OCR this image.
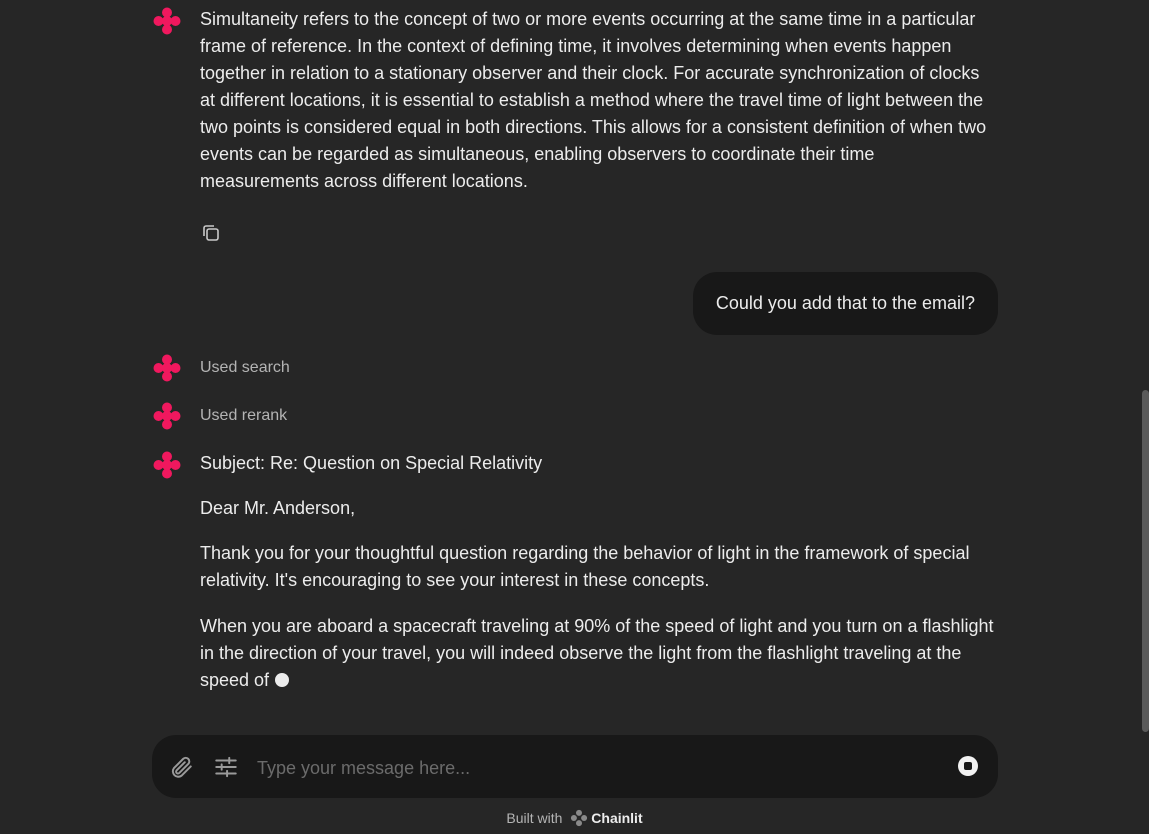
Simultaneity refers to the concept of two or more events occurring at the same time in a particular frame of reference. In the context of defining time, it involves determining when events happen together in relation to a stationary observer and their clock. For accurate synchronization of clocks at different locations, it is essential to establish a method where the travel time of light between the two points is considered equal in both directions. This allows for a consistent definition of when two events can be regarded as simultaneous, enabling observers to coordinate their time measurements across different locations.
Could you add that to the email?
Used search
Used rerank

Subject: Re: Question on Special Relativity

Dear Mr. Anderson,

Thank you for your thoughtful question regarding the behavior of light in the framework of special relativity. It's encouraging to see your interest in these concepts.

When you are aboard a spacecraft traveling at 90% of the speed of light and you turn on a flashlight in the direction of your travel, you will indeed observe the light from the flashlight traveling at the speed of

Type your message here...
Built with Chainlit
